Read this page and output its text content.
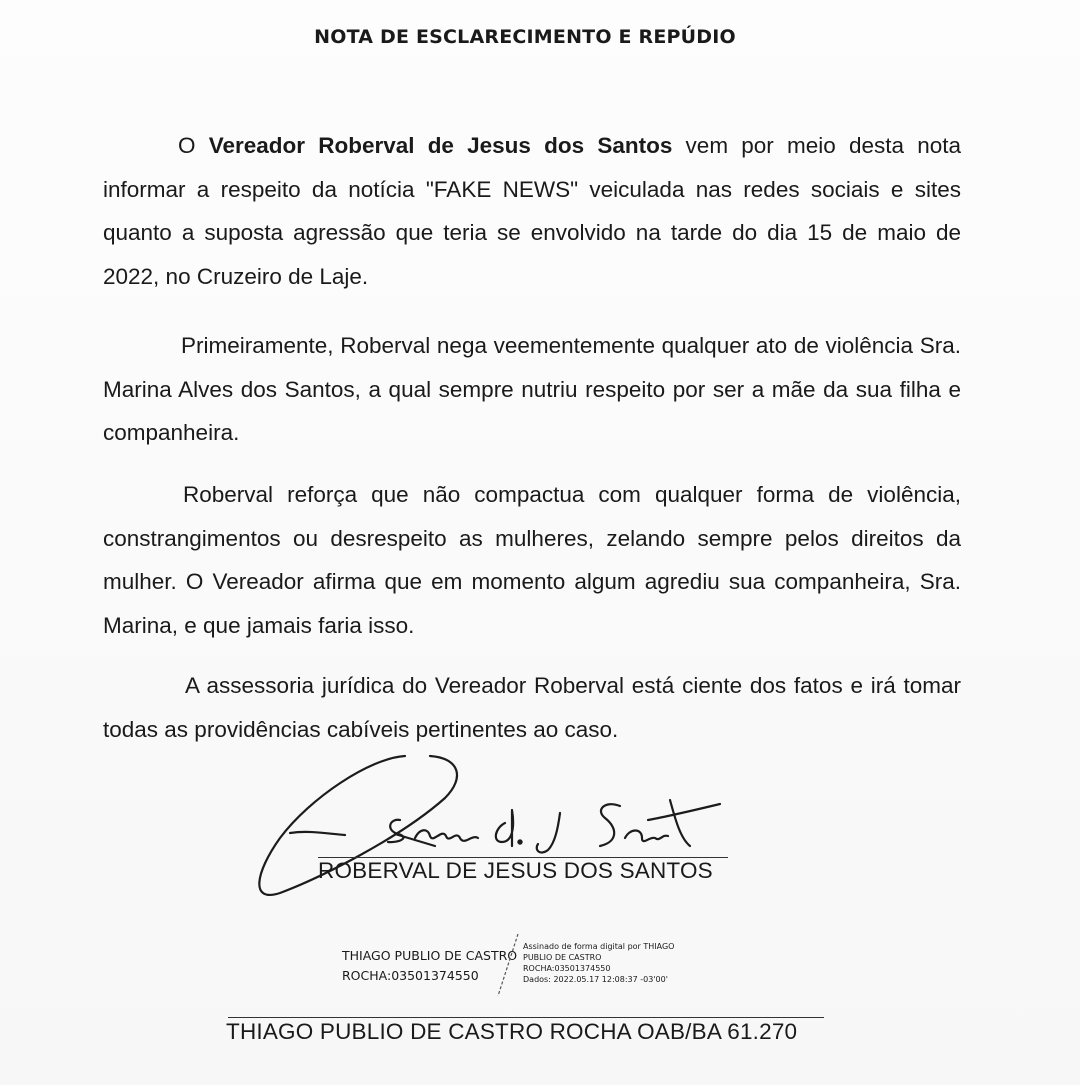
NOTA DE ESCLARECIMENTO E REPÚDIO
O Vereador Roberval de Jesus dos Santos vem por meio desta nota informar a respeito da notícia "FAKE NEWS" veiculada nas redes sociais e sites quanto a suposta agressão que teria se envolvido na tarde do dia 15 de maio de 2022, no Cruzeiro de Laje.
Primeiramente, Roberval nega veementemente qualquer ato de violência Sra. Marina Alves dos Santos, a qual sempre nutriu respeito por ser a mãe da sua filha e companheira.
Roberval reforça que não compactua com qualquer forma de violência, constrangimentos ou desrespeito as mulheres, zelando sempre pelos direitos da mulher. O Vereador afirma que em momento algum agrediu sua companheira, Sra. Marina, e que jamais faria isso.
A assessoria jurídica do Vereador Roberval está ciente dos fatos e irá tomar todas as providências cabíveis pertinentes ao caso.
ROBERVAL DE JESUS DOS SANTOS
THIAGO PUBLIO DE CASTRO
ROCHA:03501374550
Assinado de forma digital por THIAGO
PUBLIO DE CASTRO
ROCHA:03501374550
Dados: 2022.05.17 12:08:37 -03'00'
THIAGO PUBLIO DE CASTRO ROCHA OAB/BA 61.270
